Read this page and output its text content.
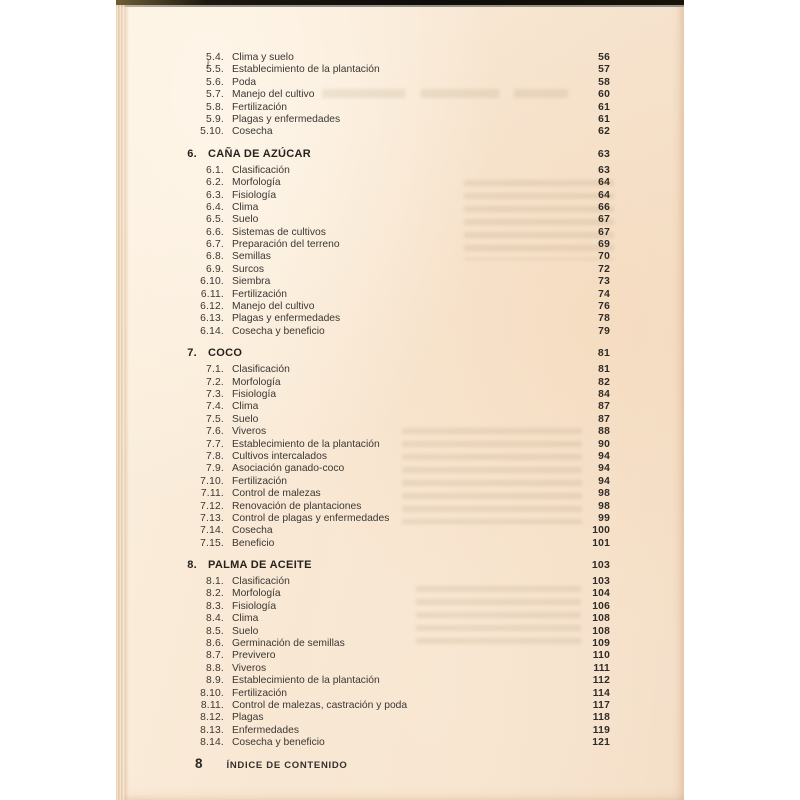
5.4. Clima y suelo	56
5.5. Establecimiento de la plantación	57
5.6. Poda	58
5.7. Manejo del cultivo	60
5.8. Fertilización	61
5.9. Plagas y enfermedades	61
5.10. Cosecha	62
6. CAÑA DE AZÚCAR	63
6.1. Clasificación	63
6.2. Morfología	64
6.3. Fisiología	64
6.4. Clima	66
6.5. Suelo	67
6.6. Sistemas de cultivos	67
6.7. Preparación del terreno	69
6.8. Semillas	70
6.9. Surcos	72
6.10. Siembra	73
6.11. Fertilización	74
6.12. Manejo del cultivo	76
6.13. Plagas y enfermedades	78
6.14. Cosecha y beneficio	79
7. COCO	81
7.1. Clasificación	81
7.2. Morfología	82
7.3. Fisiología	84
7.4. Clima	87
7.5. Suelo	87
7.6. Viveros	88
7.7. Establecimiento de la plantación	90
7.8. Cultivos intercalados	94
7.9. Asociación ganado-coco	94
7.10. Fertilización	94
7.11. Control de malezas	98
7.12. Renovación de plantaciones	98
7.13. Control de plagas y enfermedades	99
7.14. Cosecha	100
7.15. Beneficio	101
8. PALMA DE ACEITE	103
8.1. Clasificación	103
8.2. Morfología	104
8.3. Fisiología	106
8.4. Clima	108
8.5. Suelo	108
8.6. Germinación de semillas	109
8.7. Previvero	110
8.8. Viveros	111
8.9. Establecimiento de la plantación	112
8.10. Fertilización	114
8.11. Control de malezas, castración y poda	117
8.12. Plagas	118
8.13. Enfermedades	119
8.14. Cosecha y beneficio	121
8	ÍNDICE DE CONTENIDO
